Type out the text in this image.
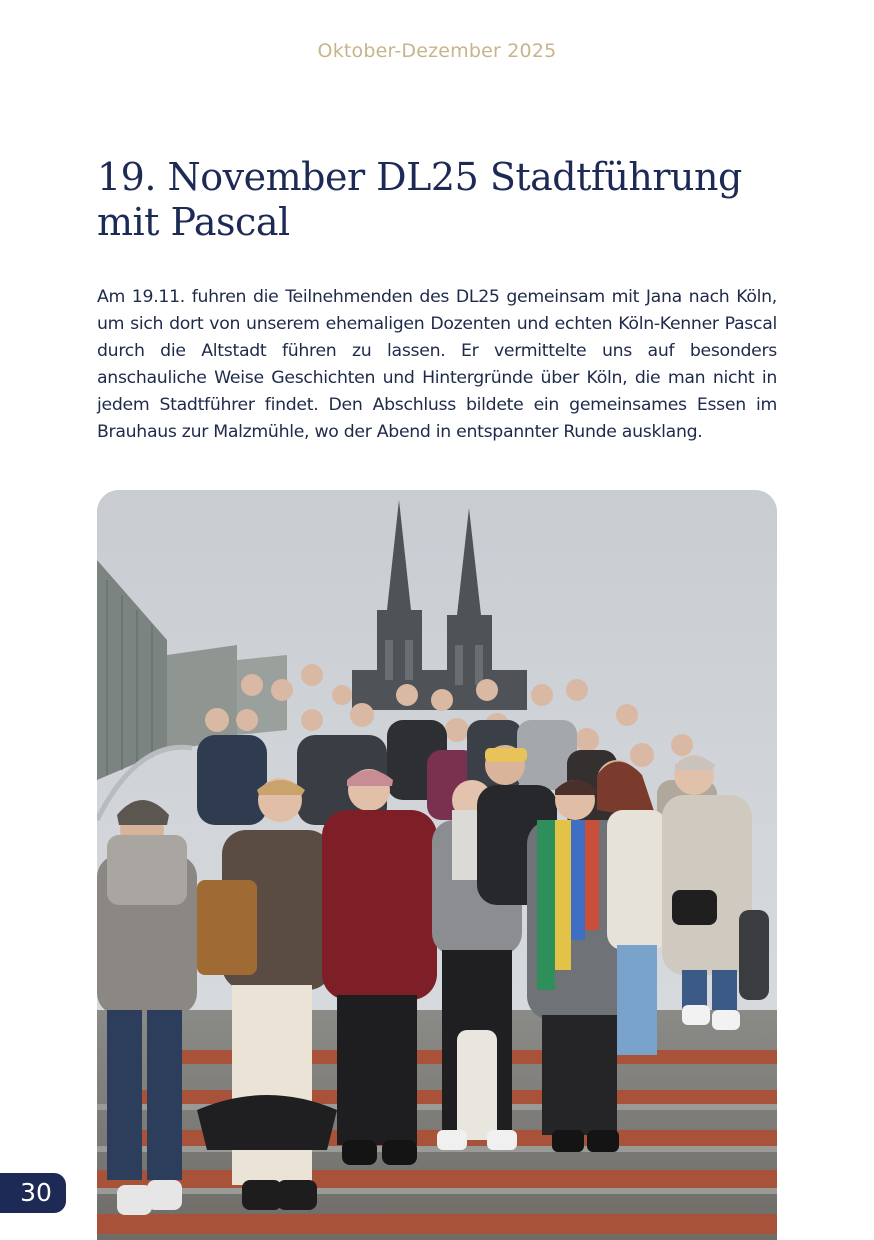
Oktober-Dezember 2025
19. November DL25 Stadtführung mit Pascal

Am 19.11. fuhren die Teilnehmenden des DL25 gemeinsam mit Jana nach Köln, um sich dort von unserem ehemaligen Dozenten und echten Köln-Kenner Pascal durch die Altstadt führen zu lassen. Er vermittelte uns auf besonders anschauliche Weise Geschichten und Hintergründe über Köln, die man nicht in jedem Stadtführer findet. Den Abschluss bildete ein gemeinsames Essen im Brauhaus zur Malzmühle, wo der Abend in entspannter Runde ausklang.

30
